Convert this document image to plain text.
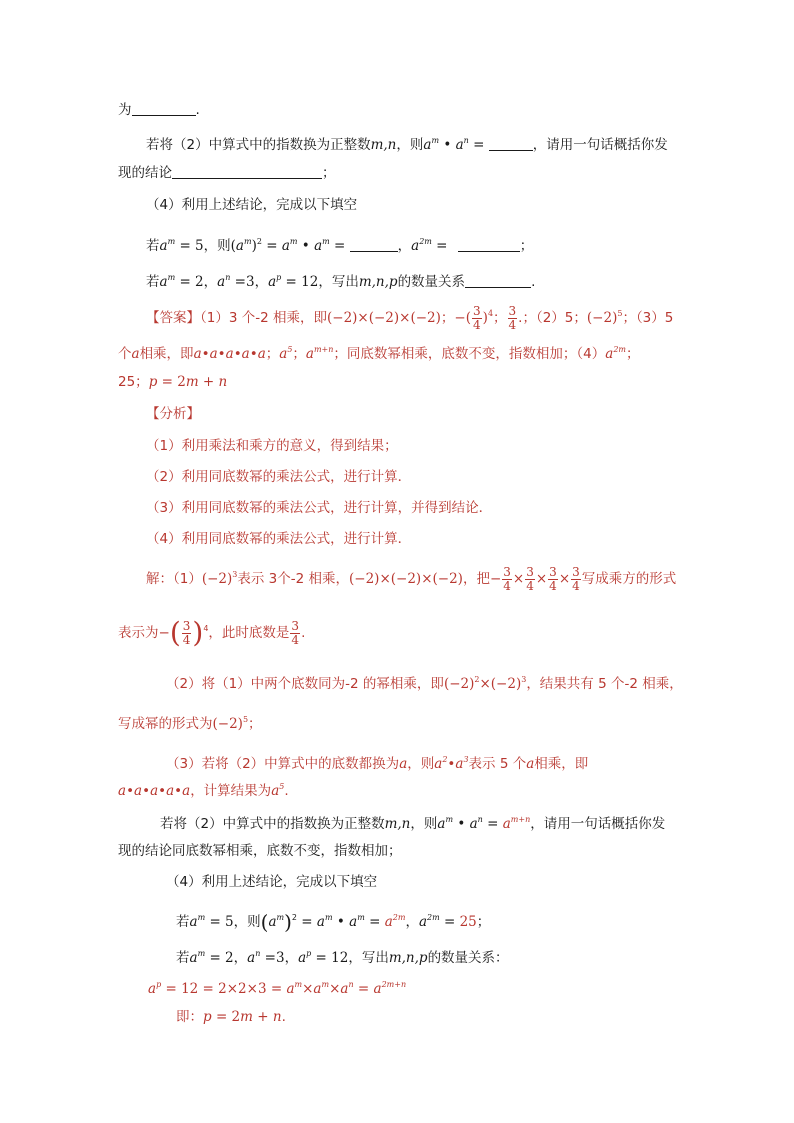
为	.
若将（2）中算式中的指数换为正整数m,n，则$a^m$ • $a^n$ =	，请用一句话概括你发
现的结论	；
（4）利用上述结论，完成以下填空
若$a^m = 5$，则$(a^m)^2 = a^m$ • $a^m$ =	，$a^{2m}$ =	；
若$a^m = 2$，$a^n =3$，$a^p = 12$，写出m,n,p的数量关系	.
【答案】（1）3 个-2 相乘，即(−2)×(−2)×(−2)；−( $\frac{3}{4} )^4$； $\frac{3}{4}$ .；（2）5；$(-2)^5$；（3）5
个a相乘，即a•a•a•a•a；$a^5$；$a^{m+n}$；同底数幂相乘，底数不变，指数相加；$(4)a^{2m}$；
25；p = 2m + n
【分析】
（1）利用乘法和乘方的意义，得到结果；
（2）利用同底数幂的乘法公式，进行计算．
（3）利用同底数幂的乘法公式，进行计算，并得到结论．
（4）利用同底数幂的乘法公式，进行计算．
解：$(1)(-2)^3$表示 3个-2 相乘，(−2)×(−2)×(−2)，把− $\frac{3}{4} \times \frac{3}{4} \times \frac{3}{4} \times \frac{3}{4}$ 写成乘方的形式
表示为−( $\frac{3}{4} )^4$，此时底数是 $\frac{3}{4}$ .
（2）将（1）中两个底数同为-2 的幂相乘，即$(-2)^2\times(-2)^3$，结果共有 5 个-2 相乘，
写成幂的形式为$(-2)^5$；
（3）若将（2）中算式中的底数都换为a，则$a^2•a^3$表示 5 个a相乘，即
a•a•a•a•a，计算结果为$a^5$.
若将（2）中算式中的指数换为正整数m,n，则$a^m$ • $a^n = a^{m+n}$，请用一句话概括你发
现的结论同底数幂相乘，底数不变，指数相加；
（4）利用上述结论，完成以下填空
若$a^m = 5$，则$(a^m)^2 = a^m$ • $a^m = a^{2m}$，$a^{2m} = 25$；
若$a^m = 2$，$a^n =3$，$a^p = 12$，写出m,n,p的数量关系：
$a^p = 12 = 2\times 2\times 3 = a^m\times a^m\times a^n = a^{2m+n}$
即：p = 2m + n.
